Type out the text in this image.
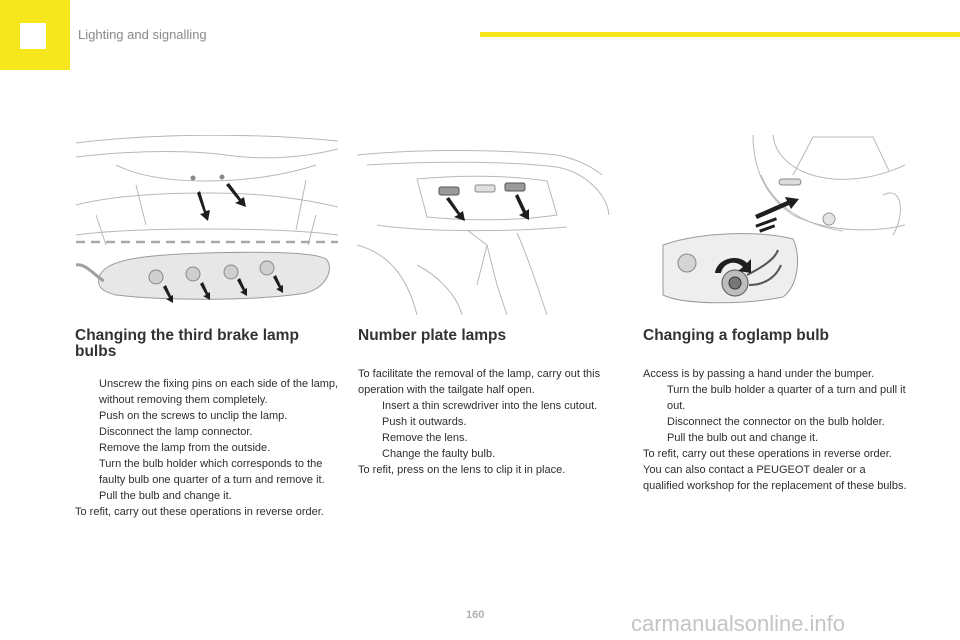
Lighting and signalling
Changing the third brake lamp bulbs
Unscrew the fixing pins on each side of the lamp, without removing them completely.
Push on the screws to unclip the lamp.
Disconnect the lamp connector.
Remove the lamp from the outside.
Turn the bulb holder which corresponds to the faulty bulb one quarter of a turn and remove it.
Pull the bulb and change it.

To refit, carry out these operations in reverse order.

Number plate lamps

To facilitate the removal of the lamp, carry out this operation with the tailgate half open.

Insert a thin screwdriver into the lens cutout.
Push it outwards.
Remove the lens.
Change the faulty bulb.

To refit, press on the lens to clip it in place.

Changing a foglamp bulb

Access is by passing a hand under the bumper.

Turn the bulb holder a quarter of a turn and pull it out.
Disconnect the connector on the bulb holder.
Pull the bulb out and change it.

To refit, carry out these operations in reverse order.

You can also contact a PEUGEOT dealer or a qualified workshop for the replacement of these bulbs.

160	carmanualsonline.info
